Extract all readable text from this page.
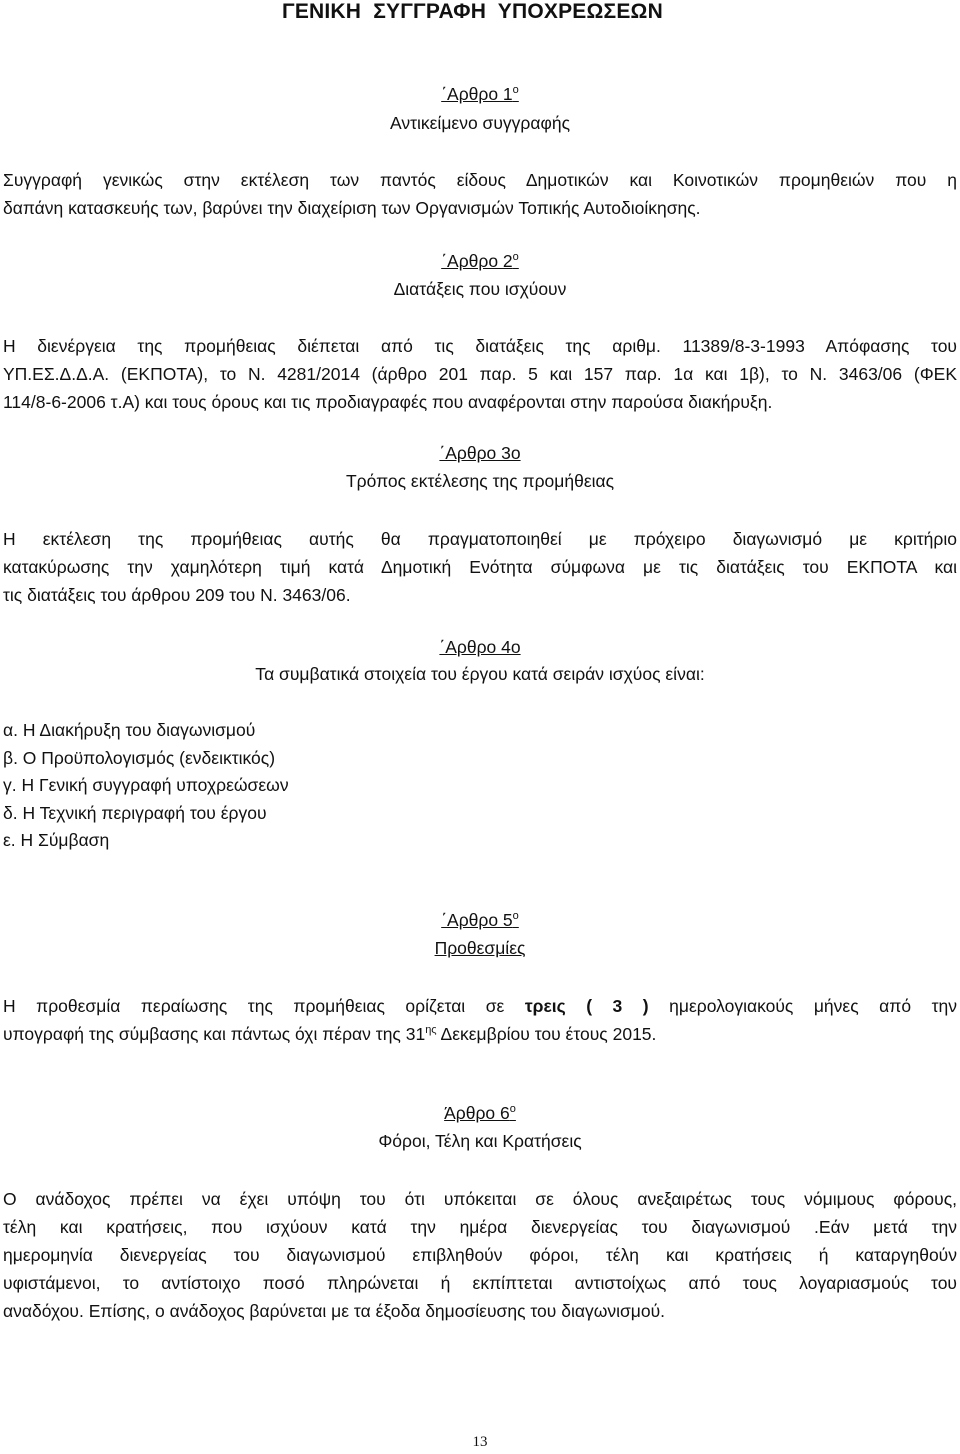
ΓΕΝΙΚΗ ΣΥΓΓΡΑΦΗ ΥΠΟΧΡΕΩΣΕΩΝ
΄Αρθρο $1^o$
Αντικείμενο συγγραφής
Συγγραφή γενικώς στην εκτέλεση των παντός είδους Δημοτικών και Κοινοτικών προμηθειών που η
δαπάνη κατασκευής των, βαρύνει την διαχείριση των Οργανισμών Τοπικής Αυτοδιοίκησης.
΄Αρθρο $2^o$
Διατάξεις που ισχύουν
Η διενέργεια της προμήθειας διέπεται από τις διατάξεις της αριθμ. 11389/8-3-1993 Απόφασης του
ΥΠ.ΕΣ.Δ.Δ.Α. (ΕΚΠΟΤΑ), το Ν. 4281/2014 (άρθρο 201 παρ. 5 και 157 παρ. 1α και 1β), το Ν. 3463/06 (ΦΕΚ
114/8-6-2006 τ.Α) και τους όρους και τις προδιαγραφές που αναφέρονται στην παρούσα διακήρυξη.
΄Αρθρο 3ο
Τρόπος εκτέλεσης της προμήθειας
Η εκτέλεση της προμήθειας αυτής θα πραγματοποιηθεί με πρόχειρο διαγωνισμό με κριτήριο
κατακύρωσης την χαμηλότερη τιμή κατά Δημοτική Ενότητα σύμφωνα με τις διατάξεις του ΕΚΠΟΤΑ και
τις διατάξεις του άρθρου 209 του Ν. 3463/06.
΄Αρθρο 4ο
Τα συμβατικά στοιχεία του έργου κατά σειράν ισχύος είναι:
α. Η Διακήρυξη του διαγωνισμού
β. Ο Προϋπολογισμός (ενδεικτικός)
γ. Η Γενική συγγραφή υποχρεώσεων
δ. Η Τεχνική περιγραφή του έργου
ε. Η Σύμβαση
΄Αρθρο $5^o$
Προθεσμίες
Η προθεσμία περαίωσης της προμήθειας ορίζεται σε τρεις ( 3 ) ημερολογιακούς μήνες από την
υπογραφή της σύμβασης και πάντως όχι πέραν της $31^{\eta\varsigma}$ Δεκεμβρίου του έτους 2015.
Άρθρο $6^o$
Φόροι, Τέλη και Κρατήσεις
Ο ανάδοχος πρέπει να έχει υπόψη του ότι υπόκειται σε όλους ανεξαιρέτως τους νόμιμους φόρους,
τέλη και κρατήσεις, που ισχύουν κατά την ημέρα διενεργείας του διαγωνισμού .Εάν μετά την
ημερομηνία διενεργείας του διαγωνισμού επιβληθούν φόροι, τέλη και κρατήσεις ή καταργηθούν
υφιστάμενοι, το αντίστοιχο ποσό πληρώνεται ή εκπίπτεται αντιστοίχως από τους λογαριασμούς του
αναδόχου. Επίσης, ο ανάδοχος βαρύνεται με τα έξοδα δημοσίευσης του διαγωνισμού.
13
